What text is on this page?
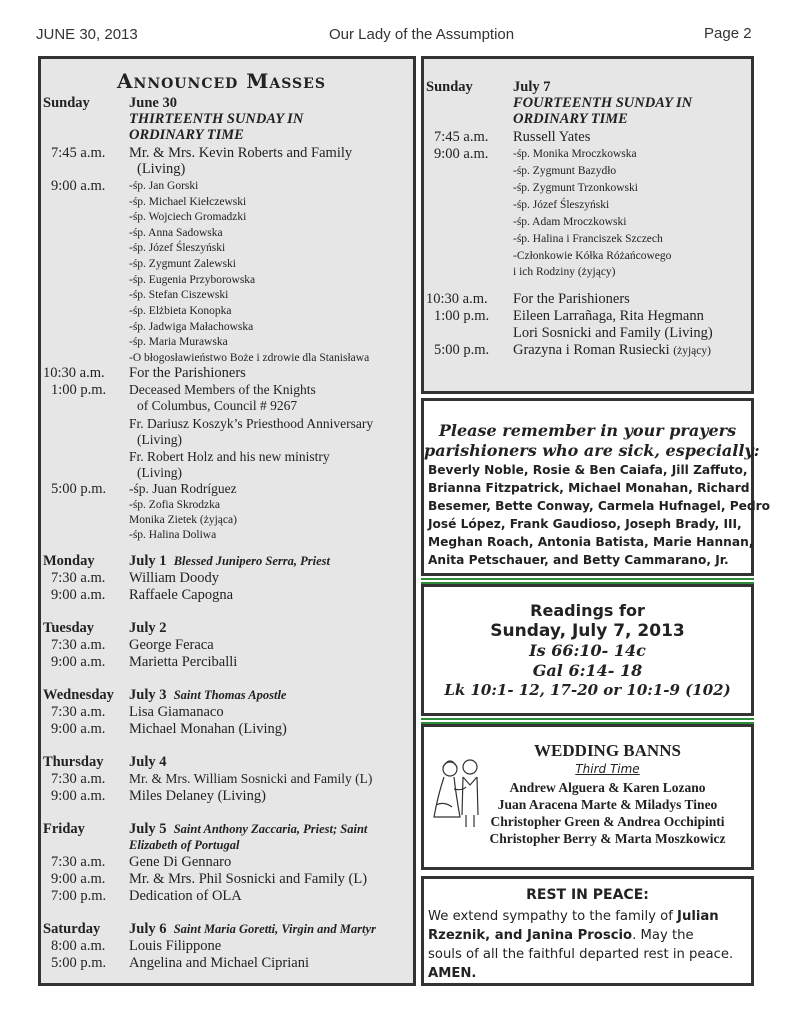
JUNE 30, 2013	Our Lady of the Assumption	Page 2
Announced Masses
Sunday	June 30
THIRTEENTH SUNDAY IN
ORDINARY TIME
7:45 a.m. Mr. & Mrs. Kevin Roberts and Family
(Living)
9:00 a.m. -śp. Jan Gorski
-śp. Michael Kiełczewski
-śp. Wojciech Gromadzki
-śp. Anna Sadowska
-śp. Józef Śleszyński
-śp. Zygmunt Zalewski
-śp. Eugenia Przyborowska
-śp. Stefan Ciszewski
-śp. Elżbieta Konopka
-śp. Jadwiga Małachowska
-śp. Maria Murawska
-O błogosławieństwo Boże i zdrowie dla Stanisława
10:30 a.m. For the Parishioners
1:00 p.m. Deceased Members of the Knights
of Columbus, Council # 9267
Fr. Dariusz Koszyk’s Priesthood Anniversary
(Living)
Fr. Robert Holz and his new ministry
(Living)
5:00 p.m. -śp. Juan Rodríguez
-śp. Zofia Skrodzka
Monika Zietek (żyjąca)
-śp. Halina Doliwa
Monday July 1 Blessed Junipero Serra, Priest
7:30 a.m. William Doody
9:00 a.m. Raffaele Capogna
Tuesday July 2
7:30 a.m. George Feraca
9:00 a.m. Marietta Perciballi
Wednesday July 3 Saint Thomas Apostle
7:30 a.m. Lisa Giamanaco
9:00 a.m. Michael Monahan (Living)
Thursday July 4
7:30 a.m. Mr. & Mrs. William Sosnicki and Family (L)
9:00 a.m. Miles Delaney (Living)
Friday	July 5 Saint Anthony Zaccaria, Priest; Saint
Elizabeth of Portugal
7:30 a.m. Gene Di Gennaro
9:00 a.m. Mr. & Mrs. Phil Sosnicki and Family (L)
7:00 p.m. Dedication of OLA
Saturday July 6 Saint Maria Goretti, Virgin and Martyr
8:00 a.m. Louis Filippone
5:00 p.m. Angelina and Michael Cipriani
Sunday	July 7
FOURTEENTH SUNDAY IN
ORDINARY TIME
7:45 a.m. Russell Yates
9:00 a.m. -śp. Monika Mroczkowska
-śp. Zygmunt Bazydło
-śp. Zygmunt Trzonkowski
-śp. Józef Śleszyński
-śp. Adam Mroczkowski
-śp. Halina i Franciszek Szczech
-Członkowie Kółka Różańcowego
i ich Rodziny (żyjący)
10:30 a.m. For the Parishioners
1:00 p.m. Eileen Larrañaga, Rita Hegmann
Lori Sosnicki and Family (Living)
5:00 p.m. Grazyna i Roman Rusiecki (żyjący)
Please remember in your prayers
parishioners who are sick, especially:
Beverly Noble, Rosie & Ben Caiafa, Jill Zaffuto,
Brianna Fitzpatrick, Michael Monahan, Richard
Besemer, Bette Conway, Carmela Hufnagel, Pedro
José López, Frank Gaudioso, Joseph Brady, III,
Meghan Roach, Antonia Batista, Marie Hannan,
Anita Petschauer, and Betty Cammarano, Jr.
Readings for
Sunday, July 7, 2013
Is 66:10- 14c
Gal 6:14- 18
Lk 10:1- 12, 17-20 or 10:1-9 (102)
WEDDING BANNS
Third Time
Andrew Alguera & Karen Lozano
Juan Aracena Marte & Miladys Tineo
Christopher Green & Andrea Occhipinti
Christopher Berry & Marta Moszkowicz
REST IN PEACE:
We extend sympathy to the family of Julian
Rzeznik, and Janina Proscio. May the
souls of all the faithful departed rest in peace.
AMEN.
